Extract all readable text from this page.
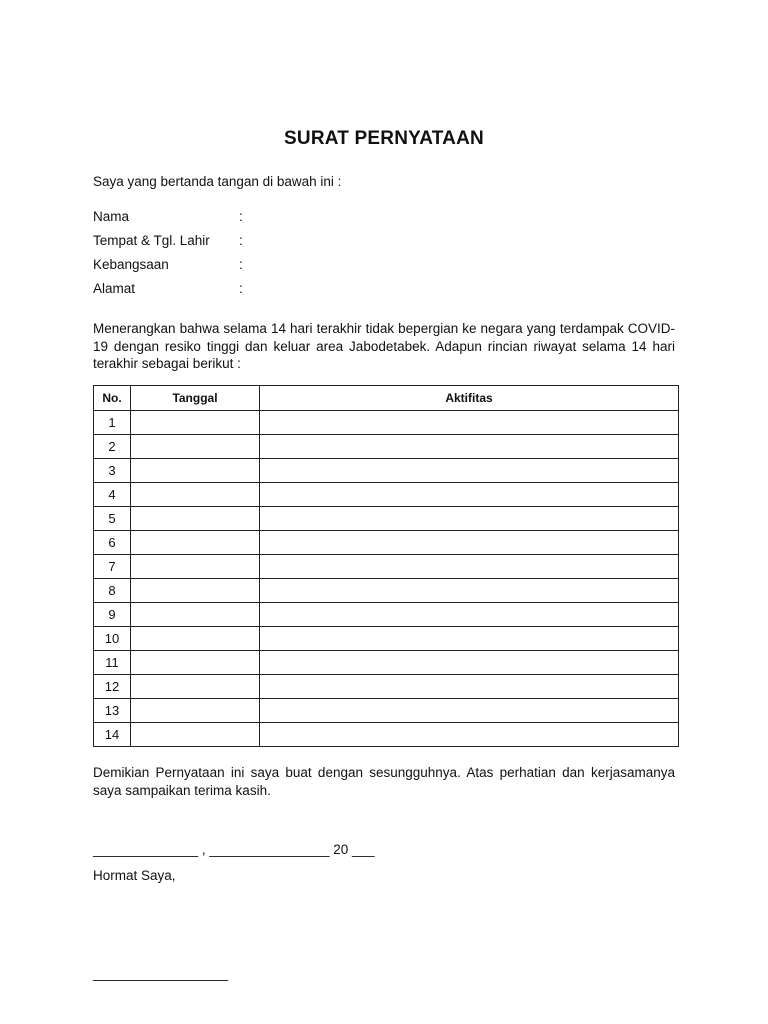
SURAT PERNYATAAN
Saya yang bertanda tangan di bawah ini :
Nama	:
Tempat & Tgl. Lahir :
Kebangsaan	:
Alamat	:
Menerangkan bahwa selama 14 hari terakhir tidak bepergian ke negara yang terdampak COVID-19 dengan resiko tinggi dan keluar area Jabodetabek. Adapun rincian riwayat selama 14 hari terakhir sebagai berikut :
No.	Tanggal	Aktifitas
1		
2		
3		
4		
5		
6		
7		
8		
9		
10		
11		
12		
13		
14		
Demikian Pernyataan ini saya buat dengan sesungguhnya. Atas perhatian dan kerjasamanya saya sampaikan terima kasih.
______________ , ________________ 20 ___
Hormat Saya,
__________________
